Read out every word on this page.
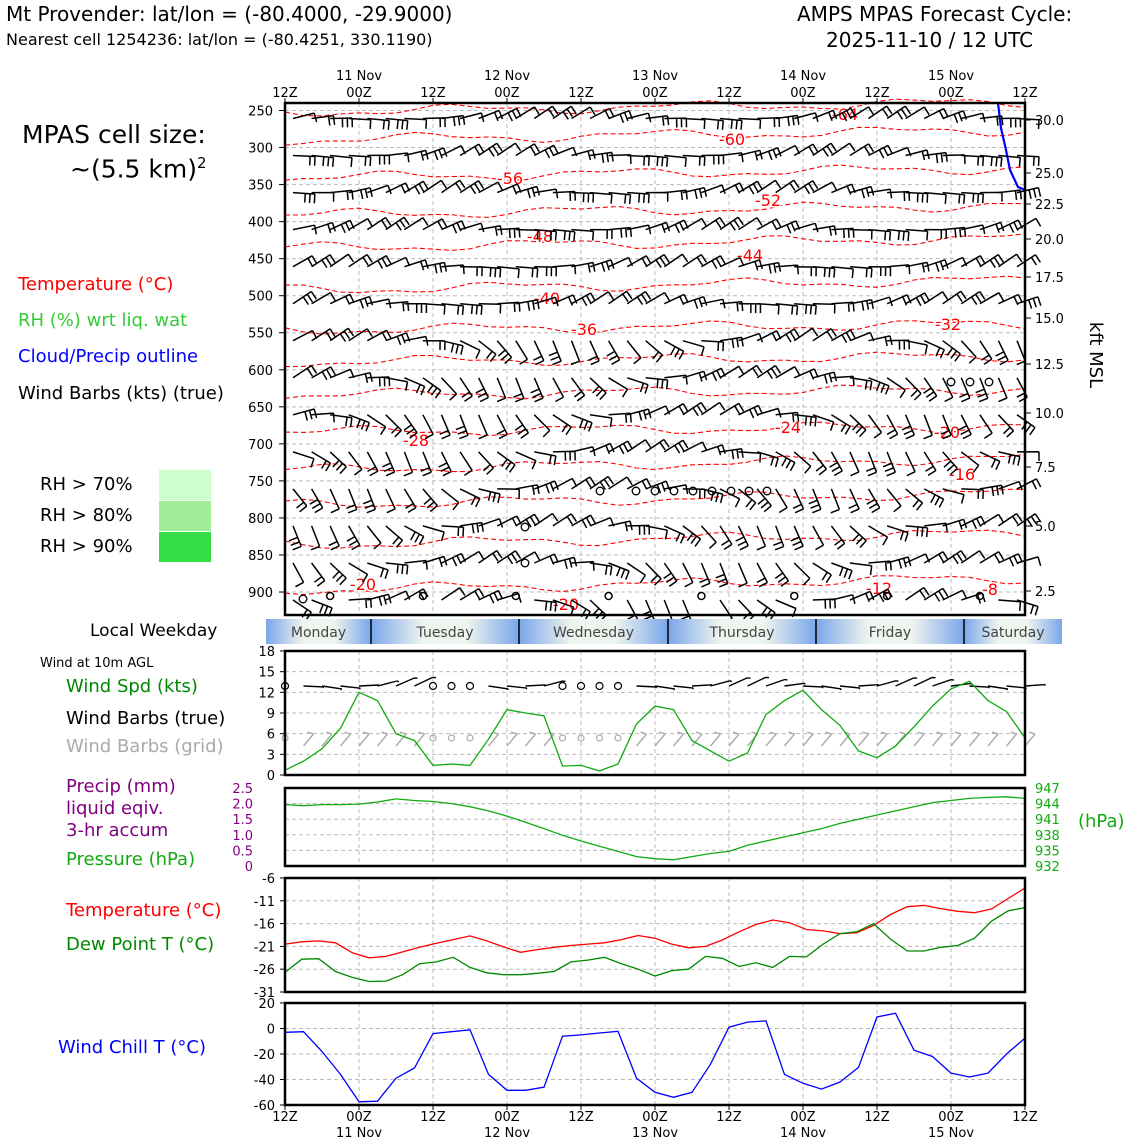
250
300
350
400
450
500
550
600
650
700
750
800
850
900
30.0
25.0
22.5
20.0
17.5
15.0
12.5
10.0
7.5
5.0
2.5
kft MSL
-64
-60
-56
-52
-48
-44
-40
-36	-32
-28
-24	-20
-16
-20
-20
-12	-8
12Z	00Z	12Z	00Z	12Z	00Z	12Z	00Z	12Z	00Z	12Z
11 Nov	12 Nov	13 Nov	14 Nov	15 Nov
Monday	Tuesday	Wednesday	Thursday	Friday	Saturday
0
3
6
9
12
15
18
2.5
2.0
1.5
1.0
0.5
0
947
944
941
938
935
932
(hPa)
-6
-11
-16
-21
-26
-31
20
0
-20
-40
-60
12Z	00Z	12Z	00Z	12Z	00Z	12Z	00Z	12Z	00Z	12Z
11 Nov	12 Nov	13 Nov	14 Nov	15 Nov
Mt Provender: lat/lon = (-80.4000, -29.9000)
Nearest cell 1254236: lat/lon = (-80.4251, 330.1190)
AMPS MPAS Forecast Cycle:
2025-11-10 / 12 UTC
MPAS cell size:
~(5.5 km)$^2$
Temperature (°C)
RH (%) wrt liq. wat
Cloud/Precip outline
Wind Barbs (kts) (true)
RH > 70%
RH > 80%
RH > 90%
Local Weekday
Wind at 10m AGL
Wind Spd (kts)
Wind Barbs (true)
Wind Barbs (grid)
Precip (mm)
liquid eqiv.
3-hr accum
Pressure (hPa)
Temperature (°C)
Dew Point T (°C)
Wind Chill T (°C)
